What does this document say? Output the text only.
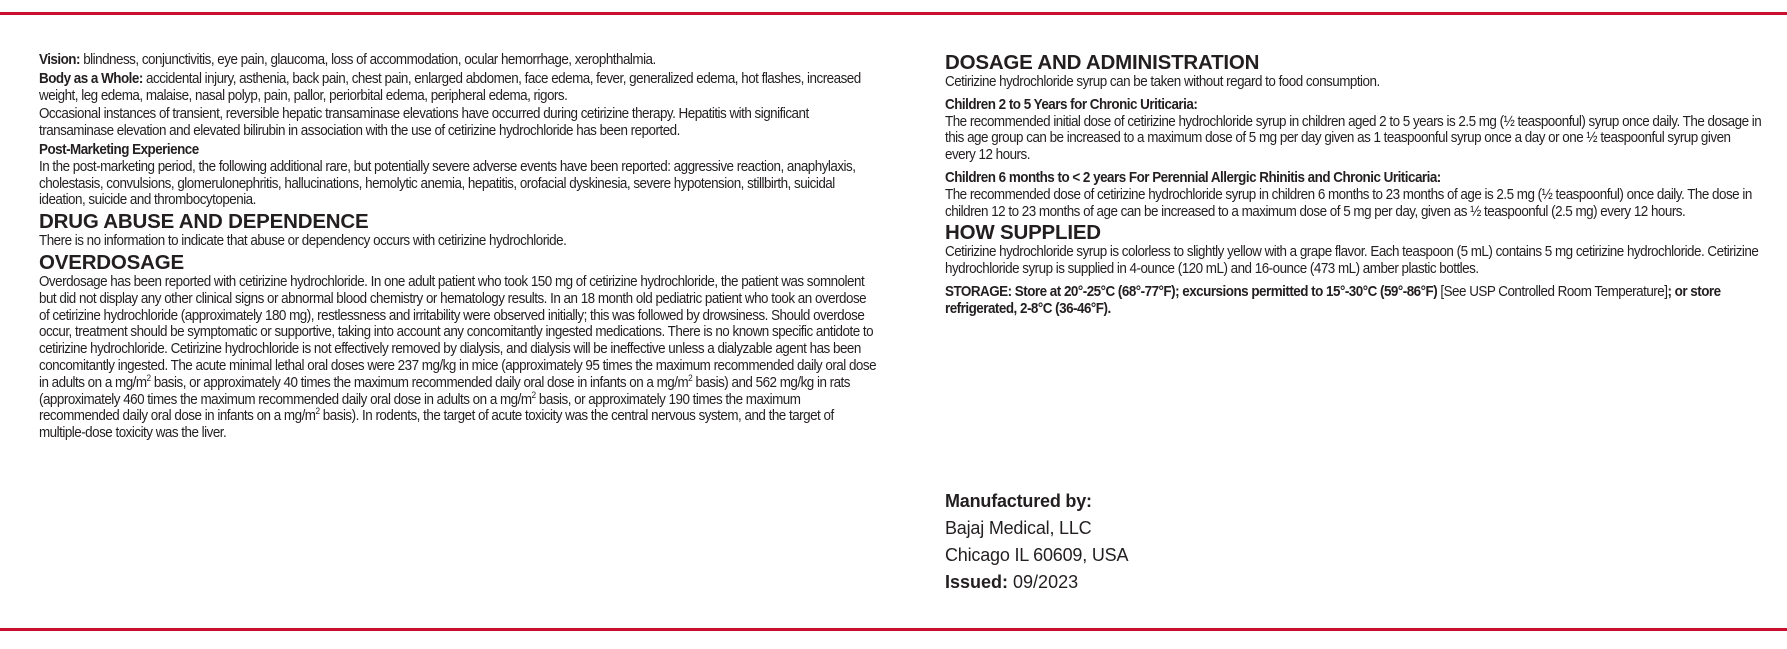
Vision: blindness, conjunctivitis, eye pain, glaucoma, loss of accommodation, ocular hemorrhage, xerophthalmia.

Body as a Whole: accidental injury, asthenia, back pain, chest pain, enlarged abdomen, face edema, fever, generalized edema, hot flashes, increased weight, leg edema, malaise, nasal polyp, pain, pallor, periorbital edema, peripheral edema, rigors.

Occasional instances of transient, reversible hepatic transaminase elevations have occurred during cetirizine therapy. Hepatitis with significant transaminase elevation and elevated bilirubin in association with the use of cetirizine hydrochloride has been reported.

Post-Marketing Experience

In the post-marketing period, the following additional rare, but potentially severe adverse events have been reported: aggressive reaction, anaphylaxis, cholestasis, convulsions, glomerulonephritis, hallucinations, hemolytic anemia, hepatitis, orofacial dyskinesia, severe hypotension, stillbirth, suicidal ideation, suicide and thrombocytopenia.

DRUG ABUSE AND DEPENDENCE

There is no information to indicate that abuse or dependency occurs with cetirizine hydrochloride.

OVERDOSAGE

Overdosage has been reported with cetirizine hydrochloride. In one adult patient who took 150 mg of cetirizine hydrochloride, the patient was somnolent but did not display any other clinical signs or abnormal blood chemistry or hematology results. In an 18 month old pediatric patient who took an overdose of cetirizine hydrochloride (approximately 180 mg), restlessness and irritability were observed initially; this was followed by drowsiness. Should overdose occur, treatment should be symptomatic or supportive, taking into account any concomitantly ingested medications. There is no known specific antidote to cetirizine hydrochloride. Cetirizine hydrochloride is not effectively removed by dialysis, and dialysis will be ineffective unless a dialyzable agent has been concomitantly ingested. The acute minimal lethal oral doses were 237 mg/kg in mice (approximately 95 times the maximum recommended daily oral dose in adults on a $mg/m^2$ basis, or approximately 40 times the maximum recommended daily oral dose in infants on a $mg/m^2$ basis) and 562 mg/kg in rats (approximately 460 times the maximum recommended daily oral dose in adults on a $mg/m^2$ basis, or approximately 190 times the maximum recommended daily oral dose in infants on a $mg/m^2$ basis). In rodents, the target of acute toxicity was the central nervous system, and the target of multiple-dose toxicity was the liver.

DOSAGE AND ADMINISTRATION

Cetirizine hydrochloride syrup can be taken without regard to food consumption.

Children 2 to 5 Years for Chronic Uriticaria:

The recommended initial dose of cetirizine hydrochloride syrup in children aged 2 to 5 years is 2.5 mg (½ teaspoonful) syrup once daily. The dosage in this age group can be increased to a maximum dose of 5 mg per day given as 1 teaspoonful syrup once a day or one ½ teaspoonful syrup given every 12 hours.

Children 6 months to < 2 years For Perennial Allergic Rhinitis and Chronic Uriticaria:

The recommended dose of cetirizine hydrochloride syrup in children 6 months to 23 months of age is 2.5 mg (½ teaspoonful) once daily. The dose in children 12 to 23 months of age can be increased to a maximum dose of 5 mg per day, given as ½ teaspoonful (2.5 mg) every 12 hours.

HOW SUPPLIED

Cetirizine hydrochloride syrup is colorless to slightly yellow with a grape flavor. Each teaspoon (5 mL) contains 5 mg cetirizine hydrochloride. Cetirizine hydrochloride syrup is supplied in 4-ounce (120 mL) and 16-ounce (473 mL) amber plastic bottles.

STORAGE: Store at 20°-25°C (68°-77°F); excursions permitted to 15°-30°C (59°-86°F) [See USP Controlled Room Temperature]; or store refrigerated, 2-8°C (36-46°F).

Manufactured by:
Bajaj Medical, LLC
Chicago IL 60609, USA
Issued: 09/2023
